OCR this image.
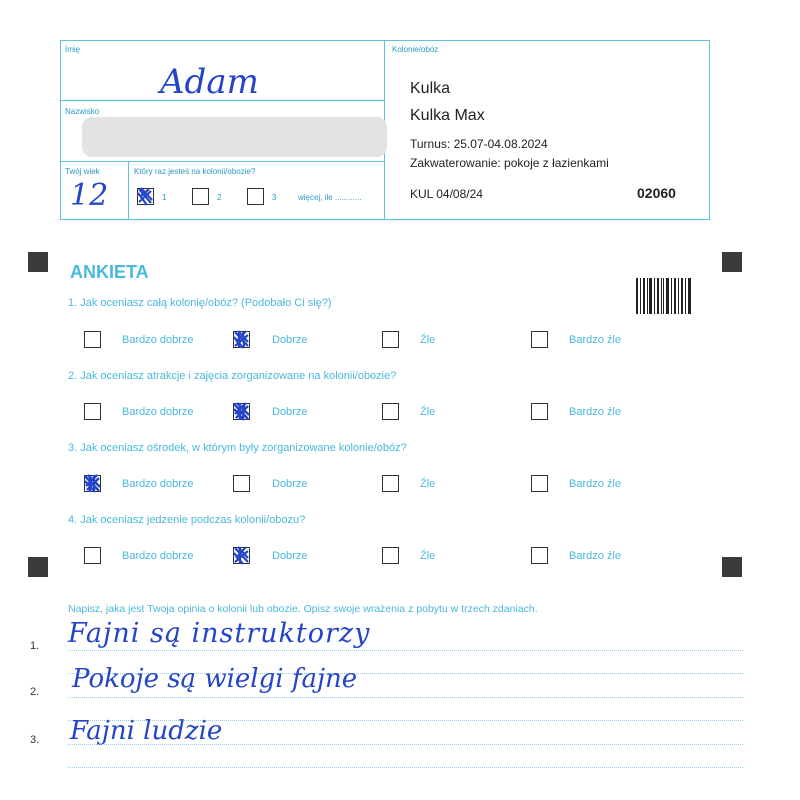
Imię
Adam
Nazwisko
Twój wiek
12
Który raz jesteś na kolonii/obozie?
1	2	3	więcej, ile ............
Kolonie/obóz
Kulka
Kulka Max
Turnus: 25.07-04.08.2024
Zakwaterowanie: pokoje z łazienkami
KUL 04/08/24	02060
ANKIETA
1. Jak oceniasz całą kolonię/obóz? (Podobało Ci się?)
Bardzo dobrze	Dobrze	Źle	Bardzo źle
2. Jak oceniasz atrakcje i zajęcia zorganizowane na kolonii/obozie?
Bardzo dobrze	Dobrze	Źle	Bardzo źle
3. Jak oceniasz ośrodek, w którym były zorganizowane kolonie/obóz?
Bardzo dobrze	Dobrze	Źle	Bardzo źle
4. Jak oceniasz jedzenie podczas kolonii/obozu?
Bardzo dobrze	Dobrze	Źle	Bardzo źle
Napisz, jaka jest Twoja opinia o kolonii lub obozie. Opisz swoje wrażenia z pobytu w trzech zdaniach.
1. Fajni są instruktorzy
2. Pokoje są wielgi fajne
3. Fajni ludzie
